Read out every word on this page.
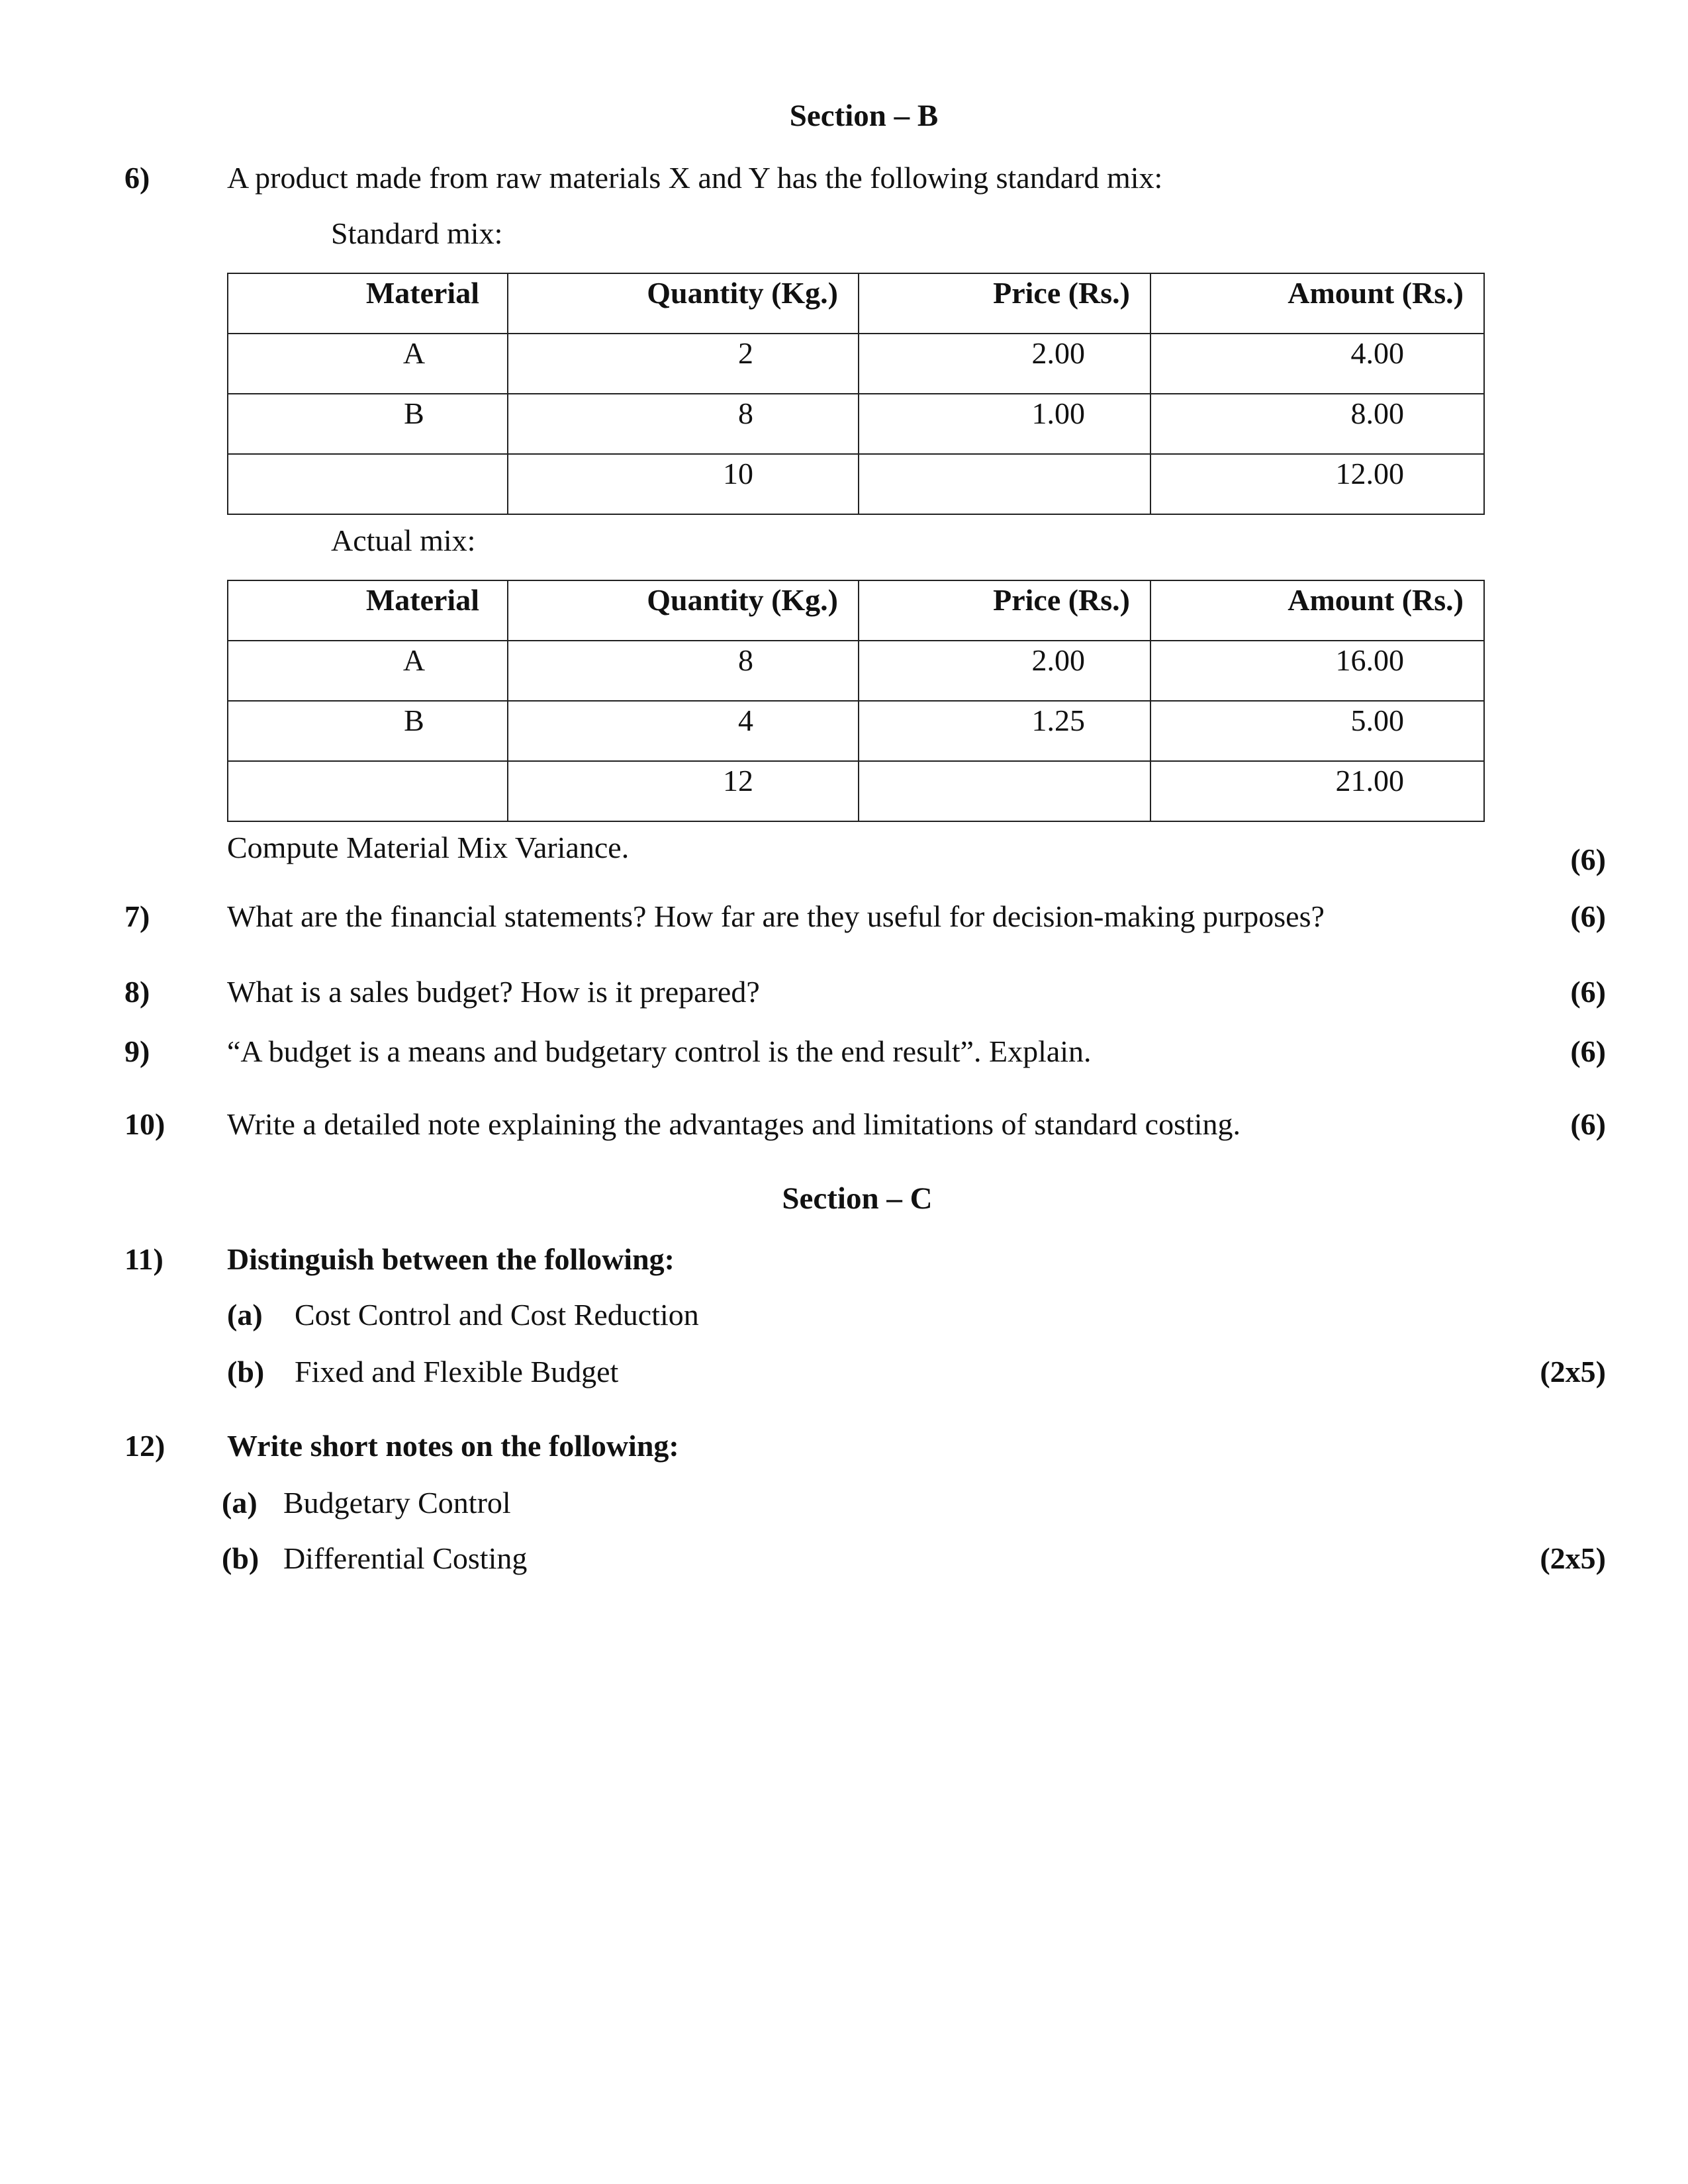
Section – B
6)	A product made from raw materials X and Y has the following standard mix:
Standard mix:
Material	Quantity (Kg.)	Price (Rs.)	Amount (Rs.)
A	2	2.00	4.00
B	8	1.00	8.00
	10		12.00
Actual mix:
Material	Quantity (Kg.)	Price (Rs.)	Amount (Rs.)
A	8	2.00	16.00
B	4	1.25	5.00
	12		21.00
Compute Material Mix Variance.	(6)
7)	What are the financial statements? How far are they useful for decision-making purposes?	(6)
8)	What is a sales budget? How is it prepared?	(6)
9)	“A budget is a means and budgetary control is the end result”. Explain.	(6)
10) Write a detailed note explaining the advantages and limitations of standard costing.	(6)
Section – C
11) Distinguish between the following:
(a) Cost Control and Cost Reduction
(b) Fixed and Flexible Budget	(2x5)
12) Write short notes on the following:
(a) Budgetary Control
(b) Differential Costing	(2x5)
